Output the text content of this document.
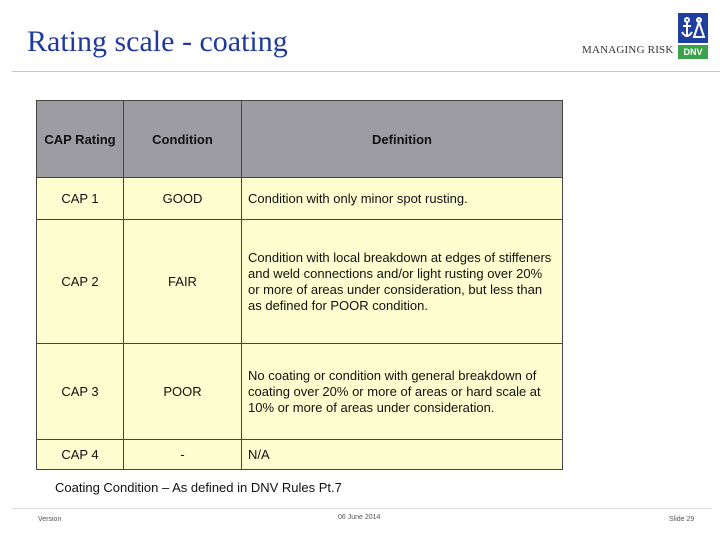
Rating scale - coating	MANAGING RISK	DNV
CAP Rating	Condition	Definition
CAP 1	GOOD	Condition with only minor spot rusting.
CAP 2	FAIR	Condition with local breakdown at edges of stiffeners and weld connections and/or light rusting over 20% or more of areas under consideration, but less than as defined for POOR condition.
CAP 3	POOR	No coating or condition with general breakdown of coating over 20% or more of areas or hard scale at 10% or more of areas under consideration.
CAP 4	-	N/A
Coating Condition – As defined in DNV Rules Pt.7
Version	06 June 2014	Slide 29
